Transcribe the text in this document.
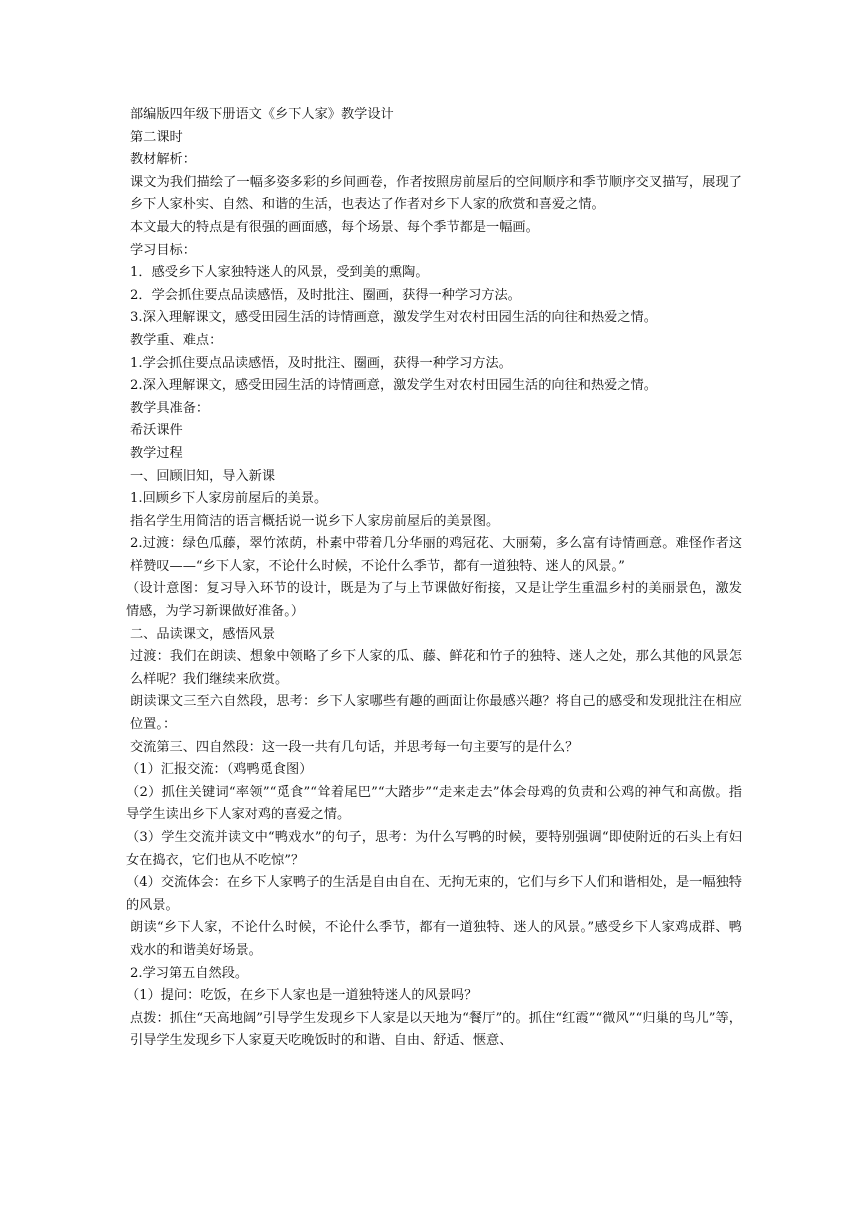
部编版四年级下册语文《乡下人家》教学设计

第二课时

教材解析：

课文为我们描绘了一幅多姿多彩的乡间画卷，作者按照房前屋后的空间顺序和季节顺序交叉描写，展现了乡下人家朴实、自然、和谐的生活，也表达了作者对乡下人家的欣赏和喜爱之情。

本文最大的特点是有很强的画面感，每个场景、每个季节都是一幅画。

学习目标：

1．感受乡下人家独特迷人的风景，受到美的熏陶。

2．学会抓住要点品读感悟，及时批注、圈画，获得一种学习方法。

3.深入理解课文，感受田园生活的诗情画意，激发学生对农村田园生活的向往和热爱之情。

教学重、难点：

1.学会抓住要点品读感悟，及时批注、圈画，获得一种学习方法。

2.深入理解课文，感受田园生活的诗情画意，激发学生对农村田园生活的向往和热爱之情。

教学具准备：

希沃课件

教学过程

一、回顾旧知，导入新课

1.回顾乡下人家房前屋后的美景。

指名学生用简洁的语言概括说一说乡下人家房前屋后的美景图。

2.过渡：绿色瓜藤，翠竹浓荫，朴素中带着几分华丽的鸡冠花、大丽菊，多么富有诗情画意。难怪作者这样赞叹——“乡下人家，不论什么时候，不论什么季节，都有一道独特、迷人的风景。”

（设计意图：复习导入环节的设计，既是为了与上节课做好衔接，又是让学生重温乡村的美丽景色，激发情感，为学习新课做好准备。）

二、品读课文，感悟风景

过渡：我们在朗读、想象中领略了乡下人家的瓜、藤、鲜花和竹子的独特、迷人之处，那么其他的风景怎么样呢？我们继续来欣赏。

朗读课文三至六自然段，思考：乡下人家哪些有趣的画面让你最感兴趣？将自己的感受和发现批注在相应位置。：

交流第三、四自然段：这一段一共有几句话，并思考每一句主要写的是什么？

（1）汇报交流：（鸡鸭觅食图）

（2）抓住关键词“率领”“觅食”“耸着尾巴”“大踏步”“走来走去”体会母鸡的负责和公鸡的神气和高傲。指导学生读出乡下人家对鸡的喜爱之情。

（3）学生交流并读文中“鸭戏水”的句子，思考：为什么写鸭的时候，要特别强调“即使附近的石头上有妇女在捣衣，它们也从不吃惊”？

（4）交流体会：在乡下人家鸭子的生活是自由自在、无拘无束的，它们与乡下人们和谐相处，是一幅独特的风景。

朗读“乡下人家，不论什么时候，不论什么季节，都有一道独特、迷人的风景。”感受乡下人家鸡成群、鸭戏水的和谐美好场景。

2.学习第五自然段。

（1）提问：吃饭，在乡下人家也是一道独特迷人的风景吗？

点拨：抓住“天高地阔”引导学生发现乡下人家是以天地为“餐厅”的。抓住“红霞”“微风”“归巢的鸟儿”等，引导学生发现乡下人家夏天吃晚饭时的和谐、自由、舒适、惬意、
